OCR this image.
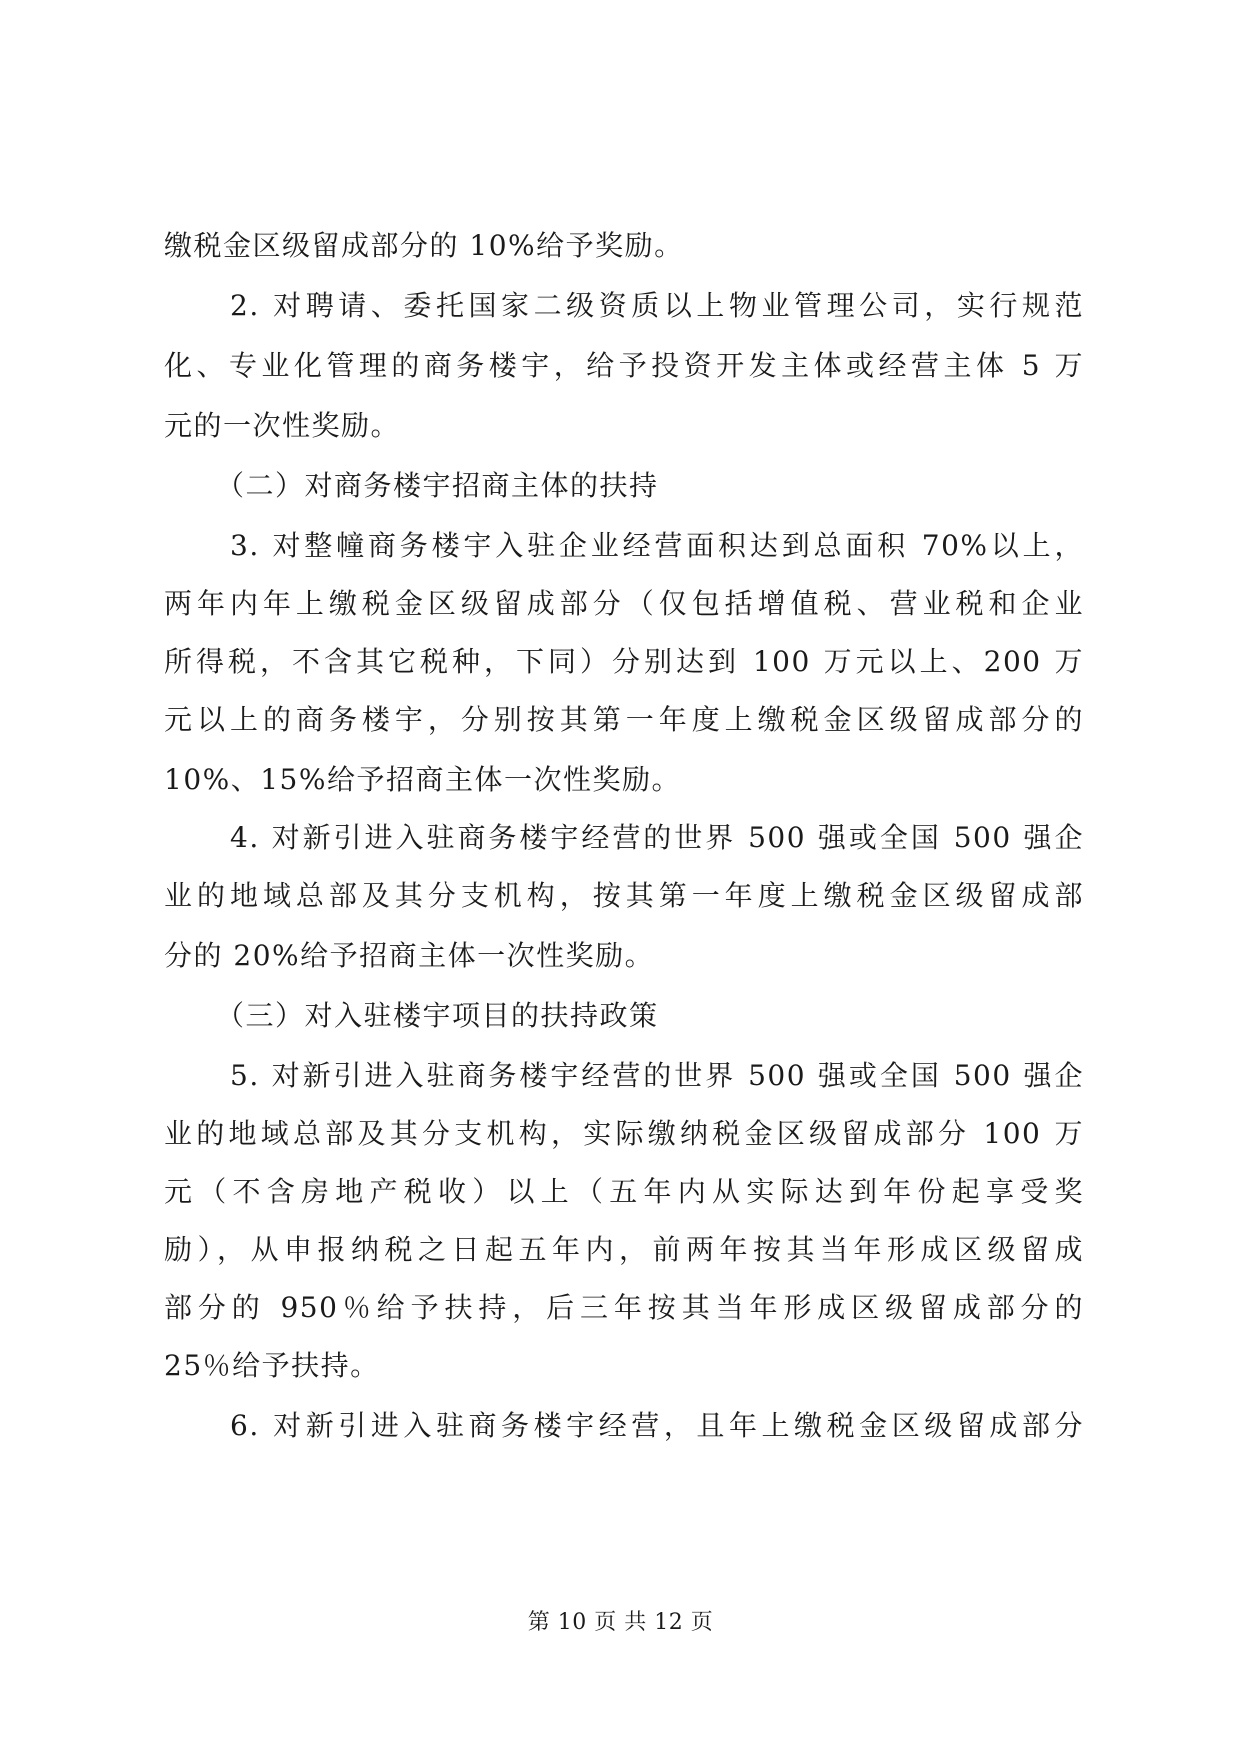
缴税金区级留成部分的 10%给予奖励。
2. 对聘请、委托国家二级资质以上物业管理公司，实行规范
化、专业化管理的商务楼宇，给予投资开发主体或经营主体 5 万
元的一次性奖励。
（二）对商务楼宇招商主体的扶持
3. 对整幢商务楼宇入驻企业经营面积达到总面积 70%以上，
两年内年上缴税金区级留成部分（仅包括增值税、营业税和企业
所得税，不含其它税种，下同）分别达到 100 万元以上、200 万
元以上的商务楼宇，分别按其第一年度上缴税金区级留成部分的
10%、15%给予招商主体一次性奖励。
4. 对新引进入驻商务楼宇经营的世界 500 强或全国 500 强企
业的地域总部及其分支机构，按其第一年度上缴税金区级留成部
分的 20%给予招商主体一次性奖励。
（三）对入驻楼宇项目的扶持政策
5. 对新引进入驻商务楼宇经营的世界 500 强或全国 500 强企
业的地域总部及其分支机构，实际缴纳税金区级留成部分 100 万
元（不含房地产税收）以上（五年内从实际达到年份起享受奖
励），从申报纳税之日起五年内，前两年按其当年形成区级留成
部分的 950％给予扶持，后三年按其当年形成区级留成部分的
25％给予扶持。
6. 对新引进入驻商务楼宇经营，且年上缴税金区级留成部分
第 10 页 共 12 页
